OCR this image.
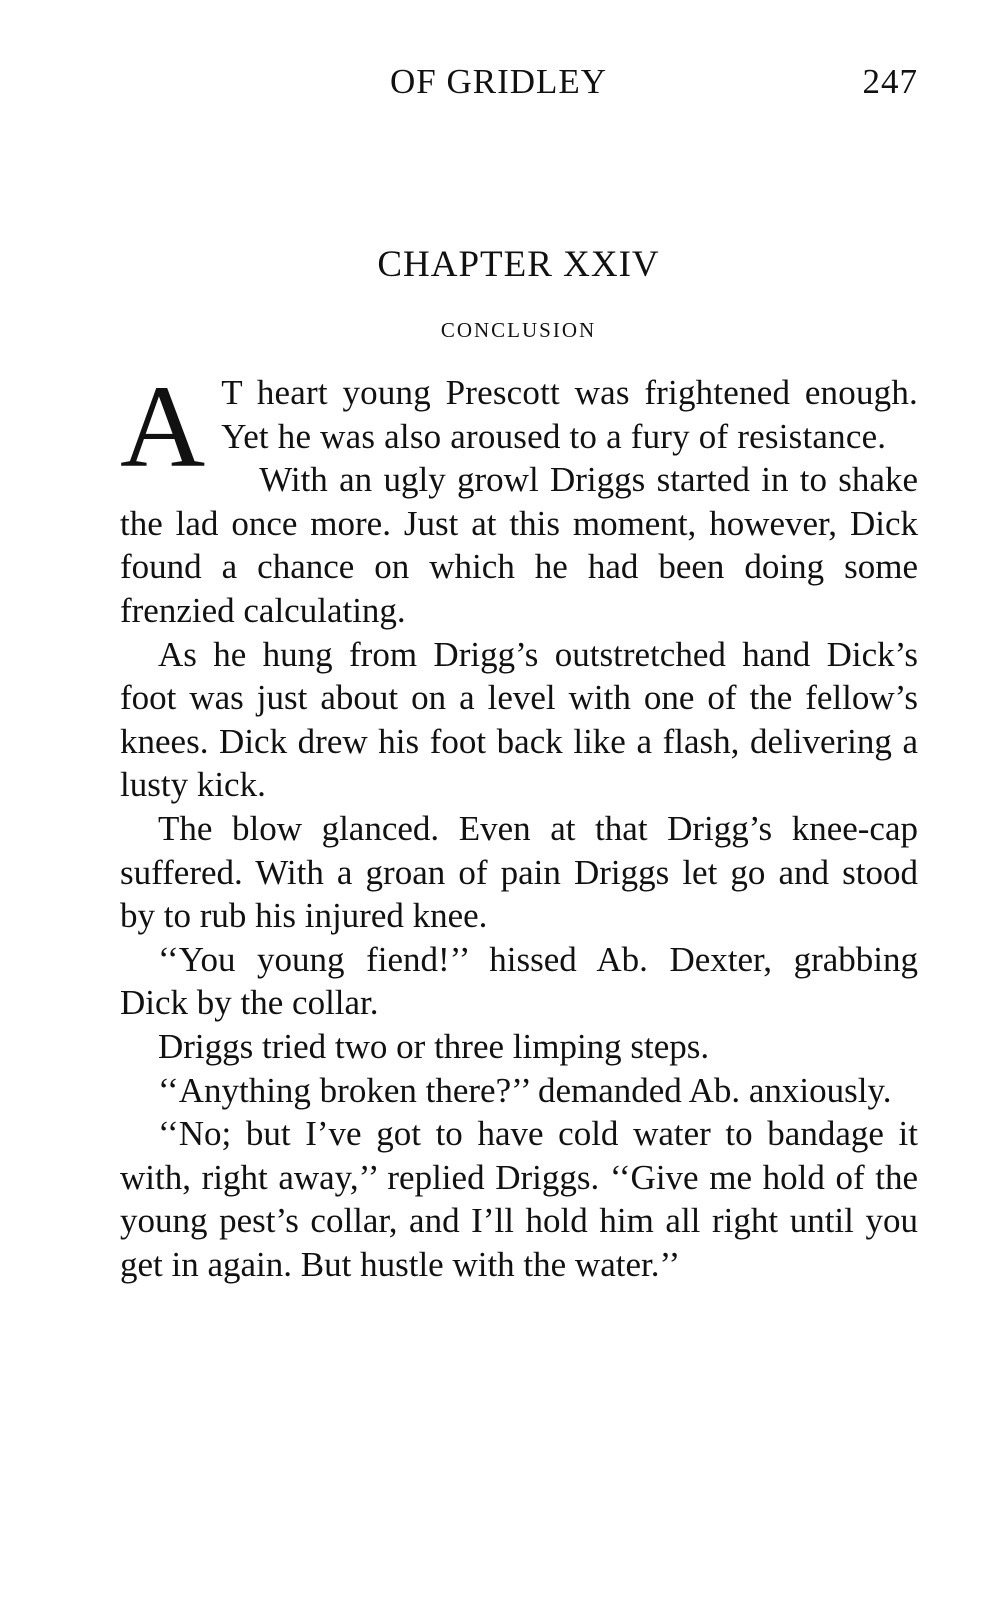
OF GRIDLEY	247
CHAPTER XXIV
CONCLUSION

A T heart young Prescott was frightened enough. Yet he was also aroused to a fury of resistance.

With an ugly growl Driggs started in to shake the lad once more. Just at this moment, however, Dick found a chance on which he had been doing some frenzied calculating.

As he hung from Drigg’s outstretched hand Dick’s foot was just about on a level with one of the fellow’s knees. Dick drew his foot back like a flash, delivering a lusty kick.

The blow glanced. Even at that Drigg’s knee-cap suffered. With a groan of pain Driggs let go and stood by to rub his injured knee.

‘‘You young fiend!’’ hissed Ab. Dexter, grabbing Dick by the collar.

Driggs tried two or three limping steps.

‘‘Anything broken there?’’ demanded Ab. anxiously.

‘‘No; but I’ve got to have cold water to bandage it with, right away,’’ replied Driggs. ‘‘Give me hold of the young pest’s collar, and I’ll hold him all right until you get in again. But hustle with the water.’’
